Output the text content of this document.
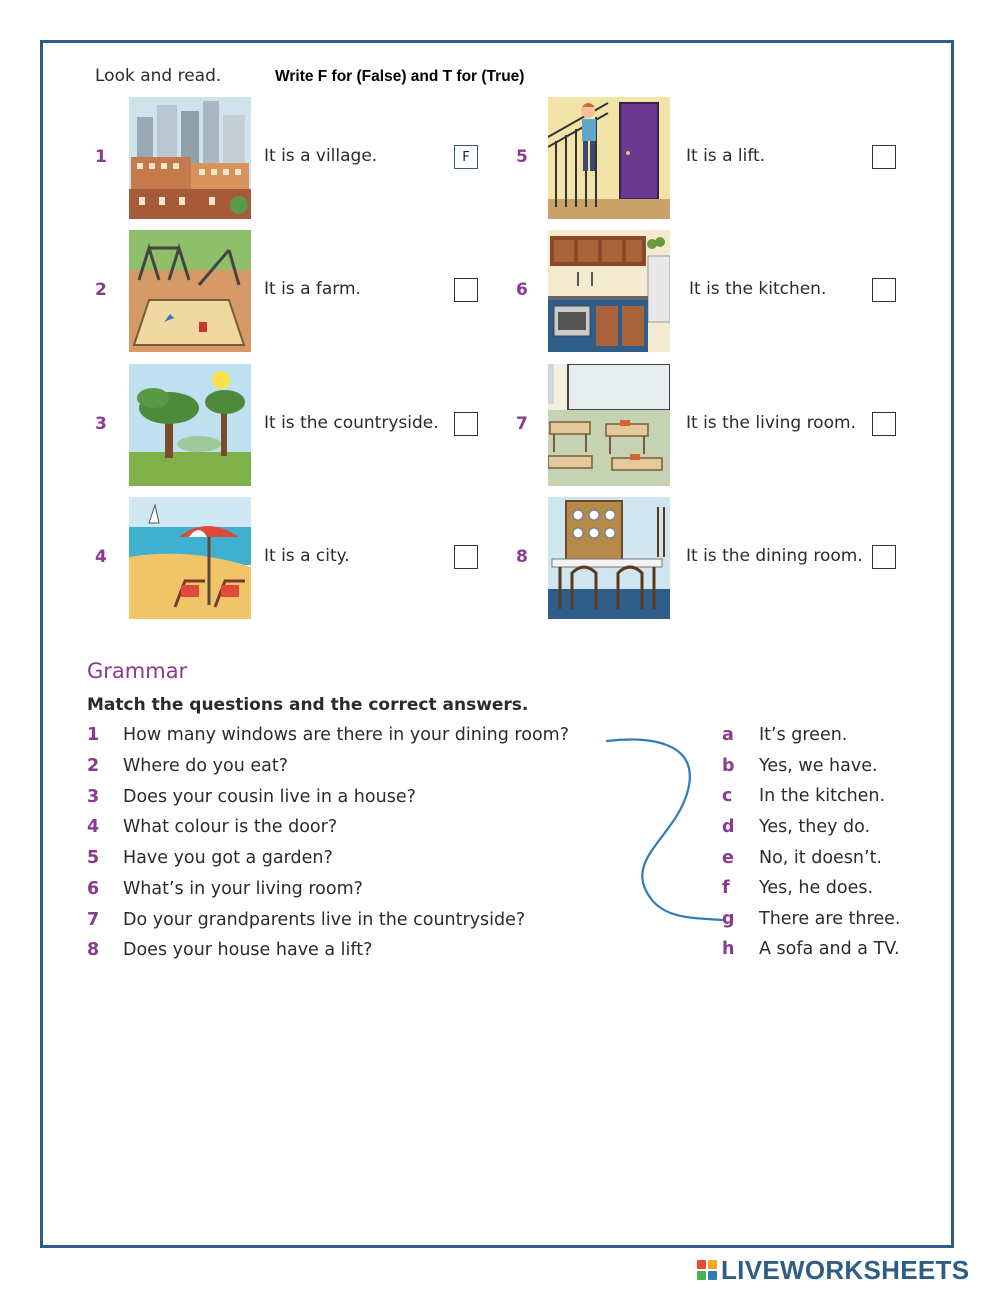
Look and read.	Write F for (False) and T for (True)
1	It is a village.	F
2	It is a farm.
3	It is the countryside.
4	It is a city.
5	It is a lift.
6	It is the kitchen.
7	It is the living room.
8	It is the dining room.
Grammar
Match the questions and the correct answers.
1 How many windows are there in your dining room?
2 Where do you eat?
3 Does your cousin live in a house?
4 What colour is the door?
5 Have you got a garden?
6 What’s in your living room?
7 Do your grandparents live in the countryside?
8 Does your house have a lift?
a It’s green.
b Yes, we have.
c In the kitchen.
d Yes, they do.
e No, it doesn’t.
f Yes, he does.
g There are three.
h A sofa and a TV.
LIVEWORKSHEETS
